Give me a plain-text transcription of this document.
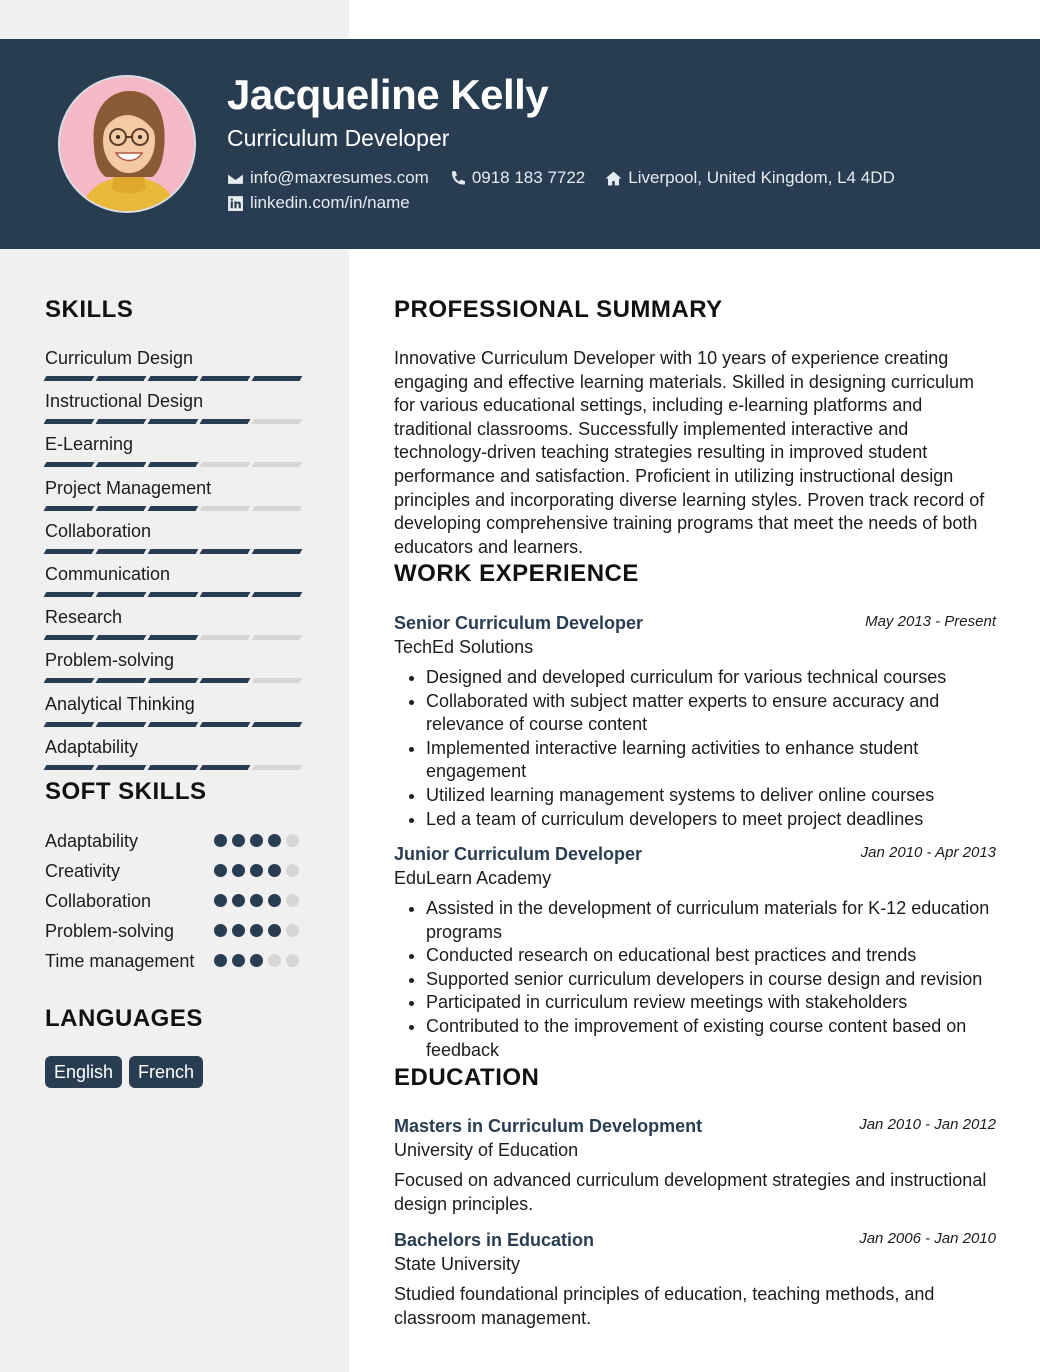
Jacqueline Kelly
Curriculum Developer
info@maxresumes.com	0918 183 7722	Liverpool, United Kingdom, L4 4DD
linkedin.com/in/name
SKILLS
Curriculum Design
Instructional Design
E-Learning
Project Management
Collaboration
Communication
Research
Problem-solving
Analytical Thinking
Adaptability
SOFT SKILLS
Adaptability
Creativity
Collaboration
Problem-solving
Time management
LANGUAGES
English	French
PROFESSIONAL SUMMARY
Innovative Curriculum Developer with 10 years of experience creating engaging and effective learning materials. Skilled in designing curriculum for various educational settings, including e-learning platforms and traditional classrooms. Successfully implemented interactive and technology-driven teaching strategies resulting in improved student performance and satisfaction. Proficient in utilizing instructional design principles and incorporating diverse learning styles. Proven track record of developing comprehensive training programs that meet the needs of both educators and learners.
WORK EXPERIENCE
Senior Curriculum Developer	May 2013 - Present
TechEd Solutions
• Designed and developed curriculum for various technical courses
• Collaborated with subject matter experts to ensure accuracy and relevance of course content
• Implemented interactive learning activities to enhance student engagement
• Utilized learning management systems to deliver online courses
• Led a team of curriculum developers to meet project deadlines
Junior Curriculum Developer	Jan 2010 - Apr 2013
EduLearn Academy
• Assisted in the development of curriculum materials for K-12 education programs
• Conducted research on educational best practices and trends
• Supported senior curriculum developers in course design and revision
• Participated in curriculum review meetings with stakeholders
• Contributed to the improvement of existing course content based on feedback
EDUCATION
Masters in Curriculum Development	Jan 2010 - Jan 2012
University of Education
Focused on advanced curriculum development strategies and instructional design principles.
Bachelors in Education	Jan 2006 - Jan 2010
State University
Studied foundational principles of education, teaching methods, and classroom management.
